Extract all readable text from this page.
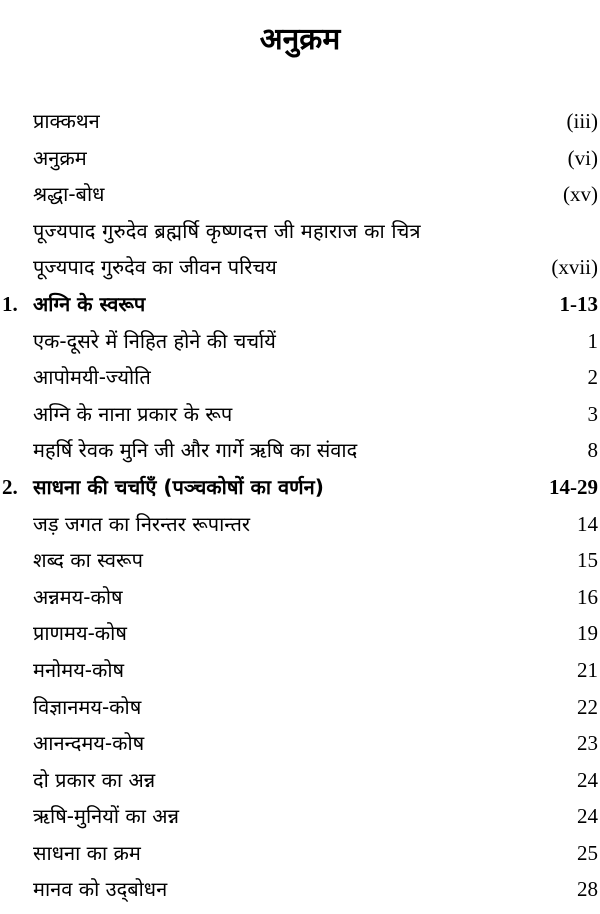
अनुक्रम
प्राक्कथन	(iii)
अनुक्रम	(vi)
श्रद्धा-बोध	(xv)
पूज्यपाद गुरुदेव ब्रह्मर्षि कृष्णदत्त जी महाराज का चित्र
पूज्यपाद गुरुदेव का जीवन परिचय	(xvii)
1. अग्नि के स्वरूप	1-13
एक-दूसरे में निहित होने की चर्चायें	1
आपोमयी-ज्योति	2
अग्नि के नाना प्रकार के रूप	3
महर्षि रेवक मुनि जी और गार्गे ऋषि का संवाद	8
2. साधना की चर्चाएँ (पञ्चकोषों का वर्णन)	14-29
जड़ जगत का निरन्तर रूपान्तर	14
शब्द का स्वरूप	15
अन्नमय-कोष	16
प्राणमय-कोष	19
मनोमय-कोष	21
विज्ञानमय-कोष	22
आनन्दमय-कोष	23
दो प्रकार का अन्न	24
ऋषि-मुनियों का अन्न	24
साधना का क्रम	25
मानव को उद्‌बोधन	28
